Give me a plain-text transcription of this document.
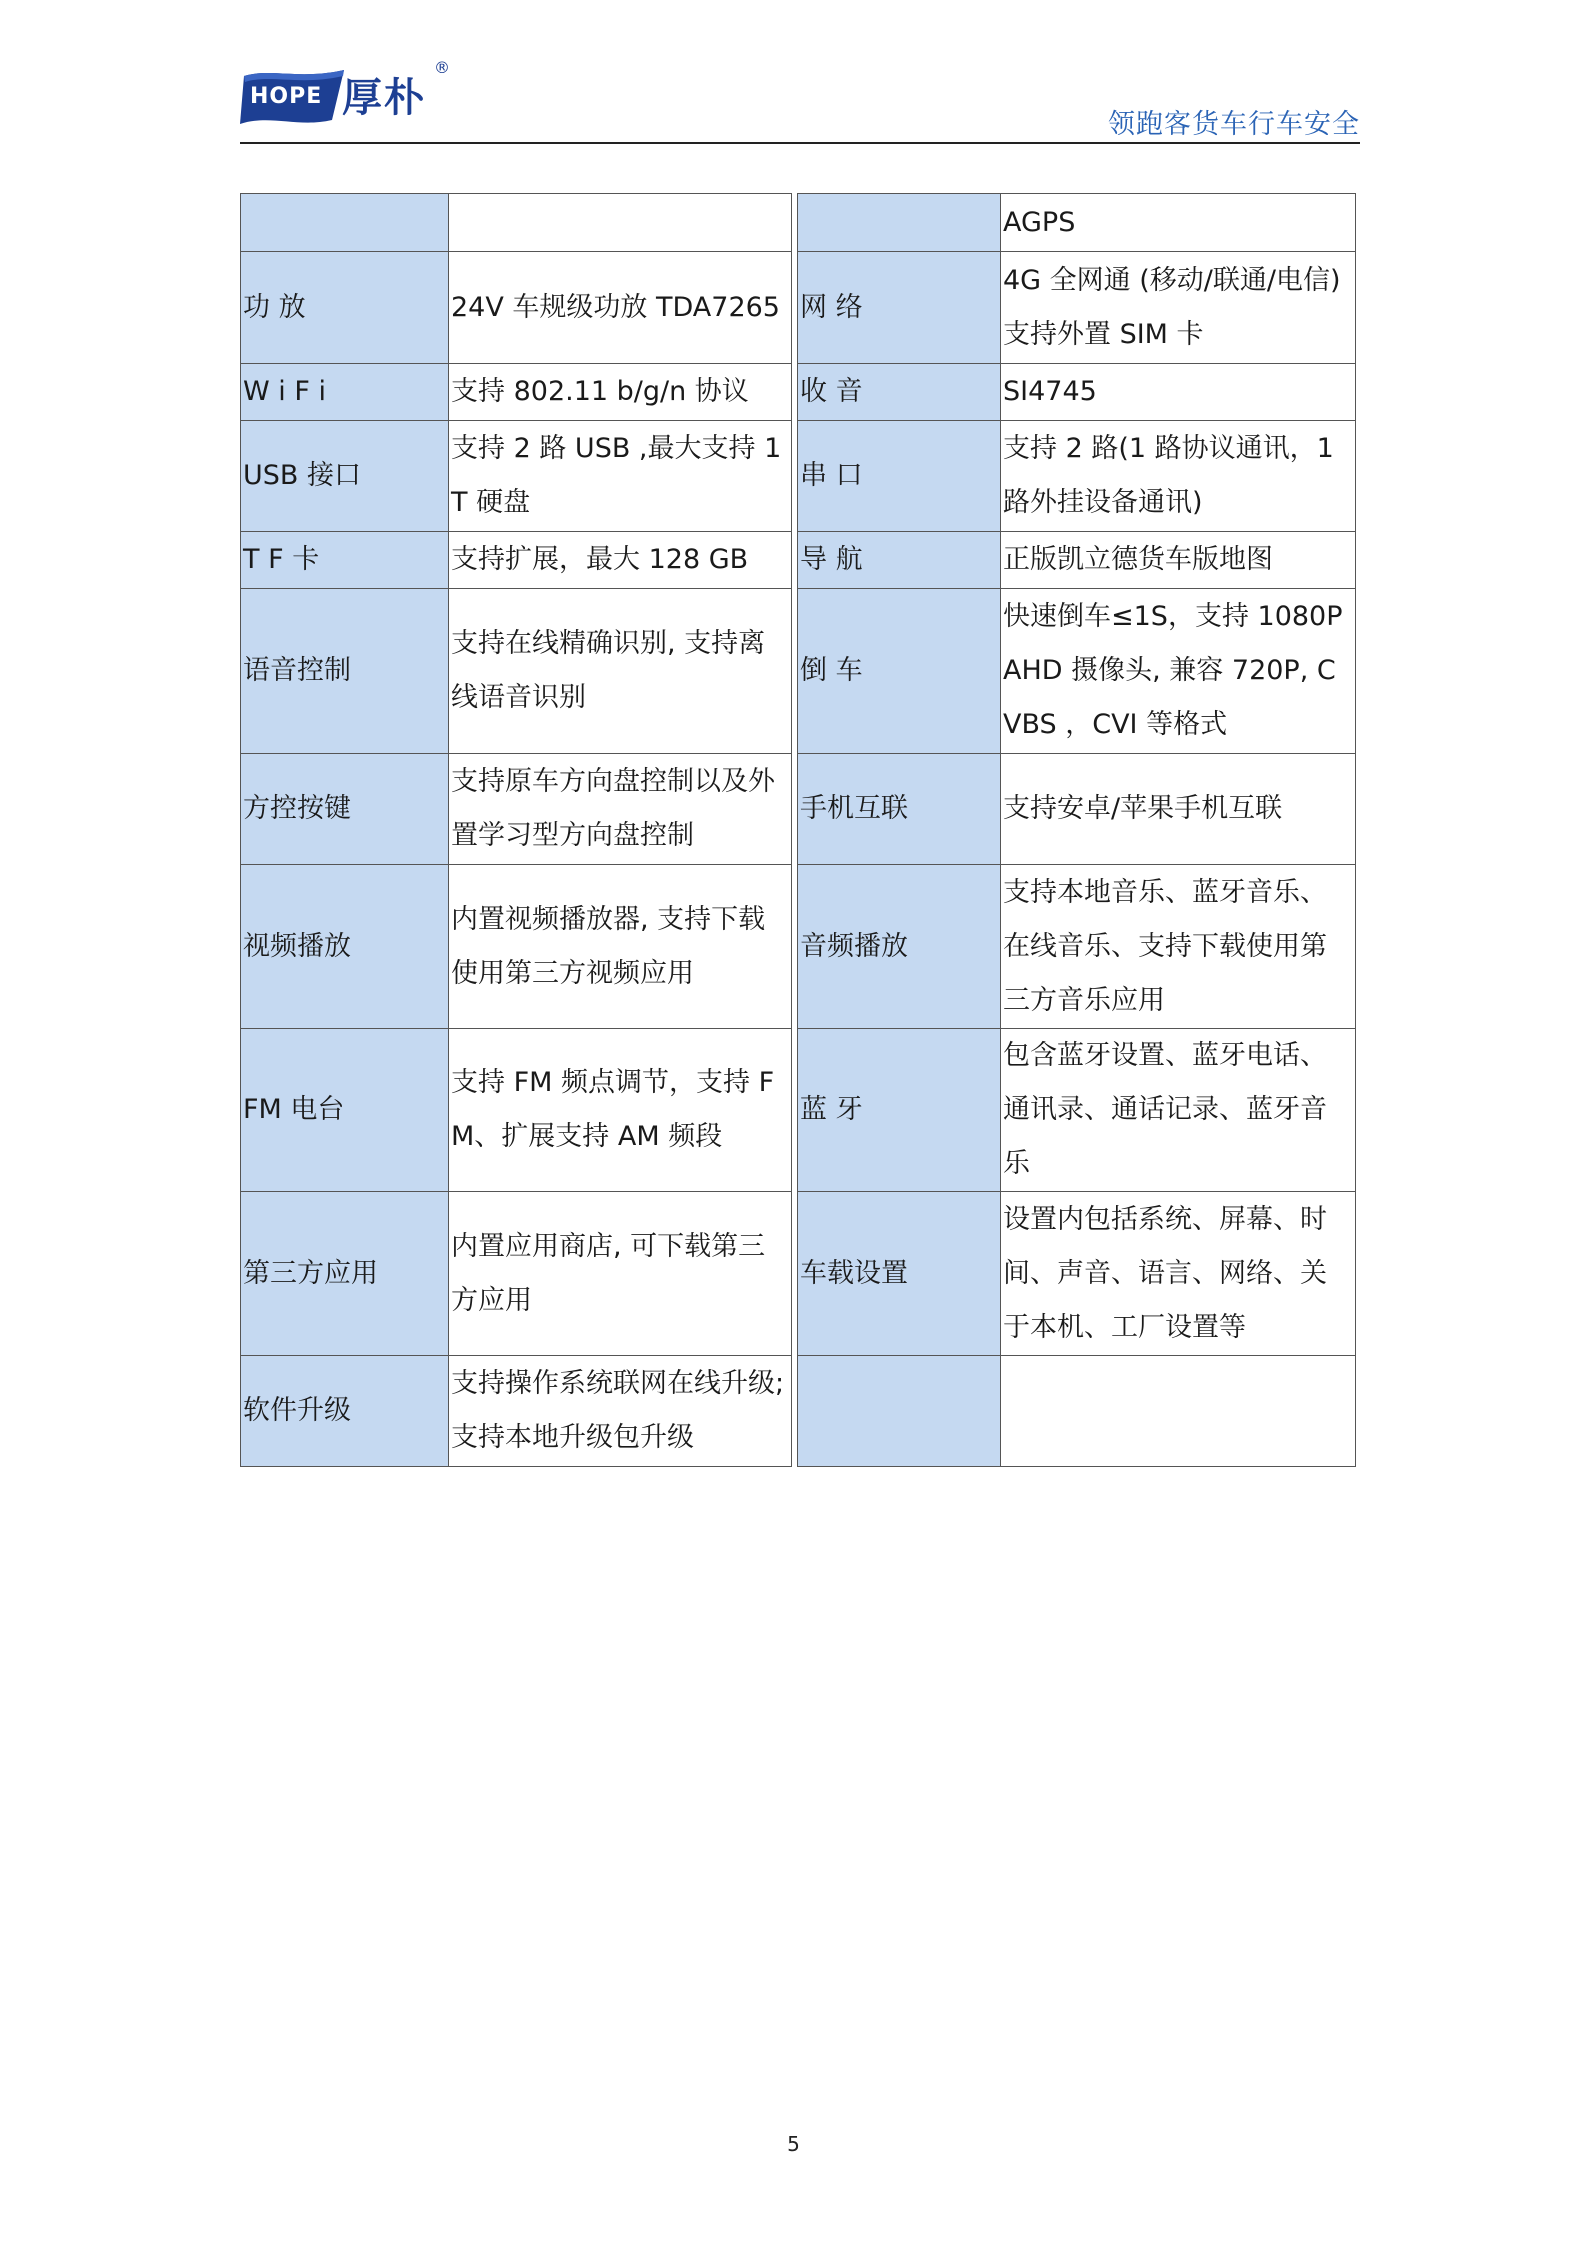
HOPE 厚朴
®
领跑客货车行车安全
				AGPS
功 放	24V 车规级功放 TDA7265		网 络	4G 全网通 (移动/联通/电信) 支持外置 SIM 卡
W i F i	支持 802.11 b/g/n 协议		收 音	SI4745
USB 接口	支持 2 路 USB ,最大支持 1T 硬盘		串 口	支持 2 路(1 路协议通讯，1 路外挂设备通讯)
T F 卡	支持扩展，最大 128 GB		导 航	正版凯立德货车版地图
语音控制	支持在线精确识别, 支持离线语音识别		倒 车	快速倒车≤1S，支持 1080P AHD 摄像头, 兼容 720P, CVBS ，CVI 等格式
方控按键	支持原车方向盘控制以及外置学习型方向盘控制		手机互联	支持安卓/苹果手机互联
视频播放	内置视频播放器, 支持下载使用第三方视频应用		音频播放	支持本地音乐、蓝牙音乐、在线音乐、支持下载使用第三方音乐应用
FM 电台	支持 FM 频点调节，支持 FM、扩展支持 AM 频段		蓝 牙	包含蓝牙设置、蓝牙电话、通讯录、通话记录、蓝牙音乐
第三方应用	内置应用商店, 可下载第三方应用		车载设置	设置内包括系统、屏幕、时间、声音、语言、网络、关于本机、工厂设置等
软件升级	支持操作系统联网在线升级; 支持本地升级包升级			
5
